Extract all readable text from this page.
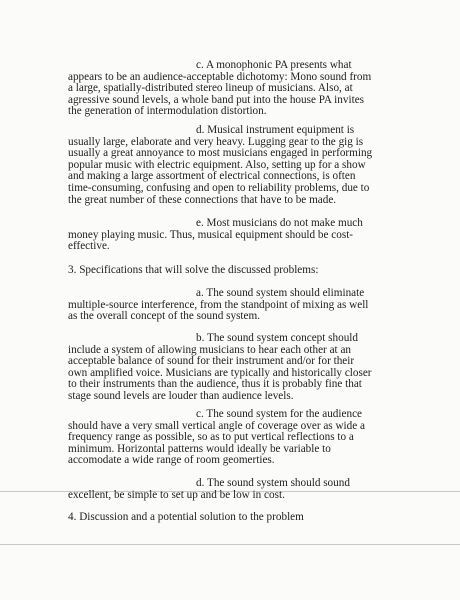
c. A monophonic PA presents what
appears to be an audience-acceptable dichotomy: Mono sound from
a large, spatially-distributed stereo lineup of musicians. Also, at
agressive sound levels, a whole band put into the house PA invites
the generation of intermodulation distortion.
d. Musical instrument equipment is
usually large, elaborate and very heavy. Lugging gear to the gig is
usually a great annoyance to most musicians engaged in performing
popular music with electric equipment. Also, setting up for a show
and making a large assortment of electrical connections, is often
time-consuming, confusing and open to reliability problems, due to
the great number of these connections that have to be made.
e. Most musicians do not make much
money playing music. Thus, musical equipment should be cost-
effective.
3. Specifications that will solve the discussed problems:
a. The sound system should eliminate
multiple-source interference, from the standpoint of mixing as well
as the overall concept of the sound system.
b. The sound system concept should
include a system of allowing musicians to hear each other at an
acceptable balance of sound for their instrument and/or for their
own amplified voice. Musicians are typically and historically closer
to their instruments than the audience, thus it is probably fine that
stage sound levels are louder than audience levels.
c. The sound system for the audience
should have a very small vertical angle of coverage over as wide a
frequency range as possible, so as to put vertical reflections to a
minimum. Horizontal patterns would ideally be variable to
accomodate a wide range of room geomerties.
d. The sound system should sound
excellent, be simple to set up and be low in cost.
4. Discussion and a potential solution to the problem
